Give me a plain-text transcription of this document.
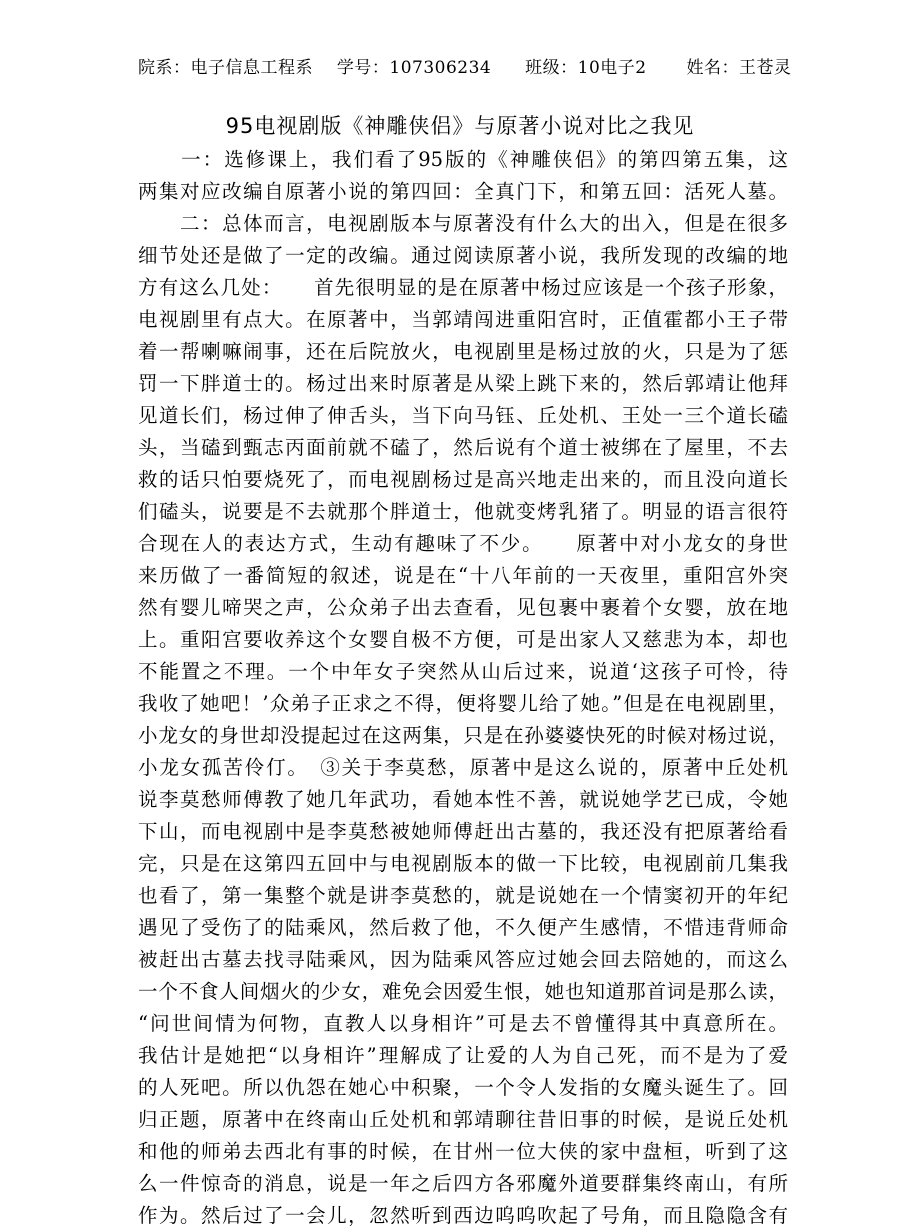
院系：电子信息工程系 学号：107306234 班级：10电子2 姓名：王苍灵
95电视剧版《神雕侠侣》与原著小说对比之我见
　　一：选修课上，我们看了95版的《神雕侠侣》的第四第五集，这
两集对应改编自原著小说的第四回：全真门下，和第五回：活死人墓。
　　二：总体而言，电视剧版本与原著没有什么大的出入，但是在很多
细节处还是做了一定的改编。通过阅读原著小说，我所发现的改编的地
方有这么几处：　　首先很明显的是在原著中杨过应该是一个孩子形象，
电视剧里有点大。在原著中，当郭靖闯进重阳宫时，正值霍都小王子带
着一帮喇嘛闹事，还在后院放火，电视剧里是杨过放的火，只是为了惩
罚一下胖道士的。杨过出来时原著是从梁上跳下来的，然后郭靖让他拜
见道长们，杨过伸了伸舌头，当下向马钰、丘处机、王处一三个道长磕
头，当磕到甄志丙面前就不磕了，然后说有个道士被绑在了屋里，不去
救的话只怕要烧死了，而电视剧杨过是高兴地走出来的，而且没向道长
们磕头，说要是不去就那个胖道士，他就变烤乳猪了。明显的语言很符
合现在人的表达方式，生动有趣味了不少。　　原著中对小龙女的身世
来历做了一番简短的叙述，说是在“十八年前的一天夜里，重阳宫外突
然有婴儿啼哭之声，公众弟子出去查看，见包裹中裹着个女婴，放在地
上。重阳宫要收养这个女婴自极不方便，可是出家人又慈悲为本，却也
不能置之不理。一个中年女子突然从山后过来，说道‘这孩子可怜，待
我收了她吧！’众弟子正求之不得，便将婴儿给了她。”但是在电视剧里，
小龙女的身世却没提起过在这两集，只是在孙婆婆快死的时候对杨过说，
小龙女孤苦伶仃。　③关于李莫愁，原著中是这么说的，原著中丘处机
说李莫愁师傅教了她几年武功，看她本性不善，就说她学艺已成，令她
下山，而电视剧中是李莫愁被她师傅赶出古墓的，我还没有把原著给看
完，只是在这第四五回中与电视剧版本的做一下比较，电视剧前几集我
也看了，第一集整个就是讲李莫愁的，就是说她在一个情窦初开的年纪
遇见了受伤了的陆乘风，然后救了他，不久便产生感情，不惜违背师命
被赶出古墓去找寻陆乘风，因为陆乘风答应过她会回去陪她的，而这么
一个不食人间烟火的少女，难免会因爱生恨，她也知道那首词是那么读，
“问世间情为何物，直教人以身相许”可是去不曾懂得其中真意所在。
我估计是她把“以身相许”理解成了让爱的人为自己死，而不是为了爱
的人死吧。所以仇怨在她心中积聚，一个令人发指的女魔头诞生了。回
归正题，原著中在终南山丘处机和郭靖聊往昔旧事的时候，是说丘处机
和他的师弟去西北有事的时候，在甘州一位大侠的家中盘桓，听到了这
么一件惊奇的消息，说是一年之后四方各邪魔外道要群集终南山，有所
作为。然后过了一会儿，忽然听到西边呜呜吹起了号角，而且隐隐含有
